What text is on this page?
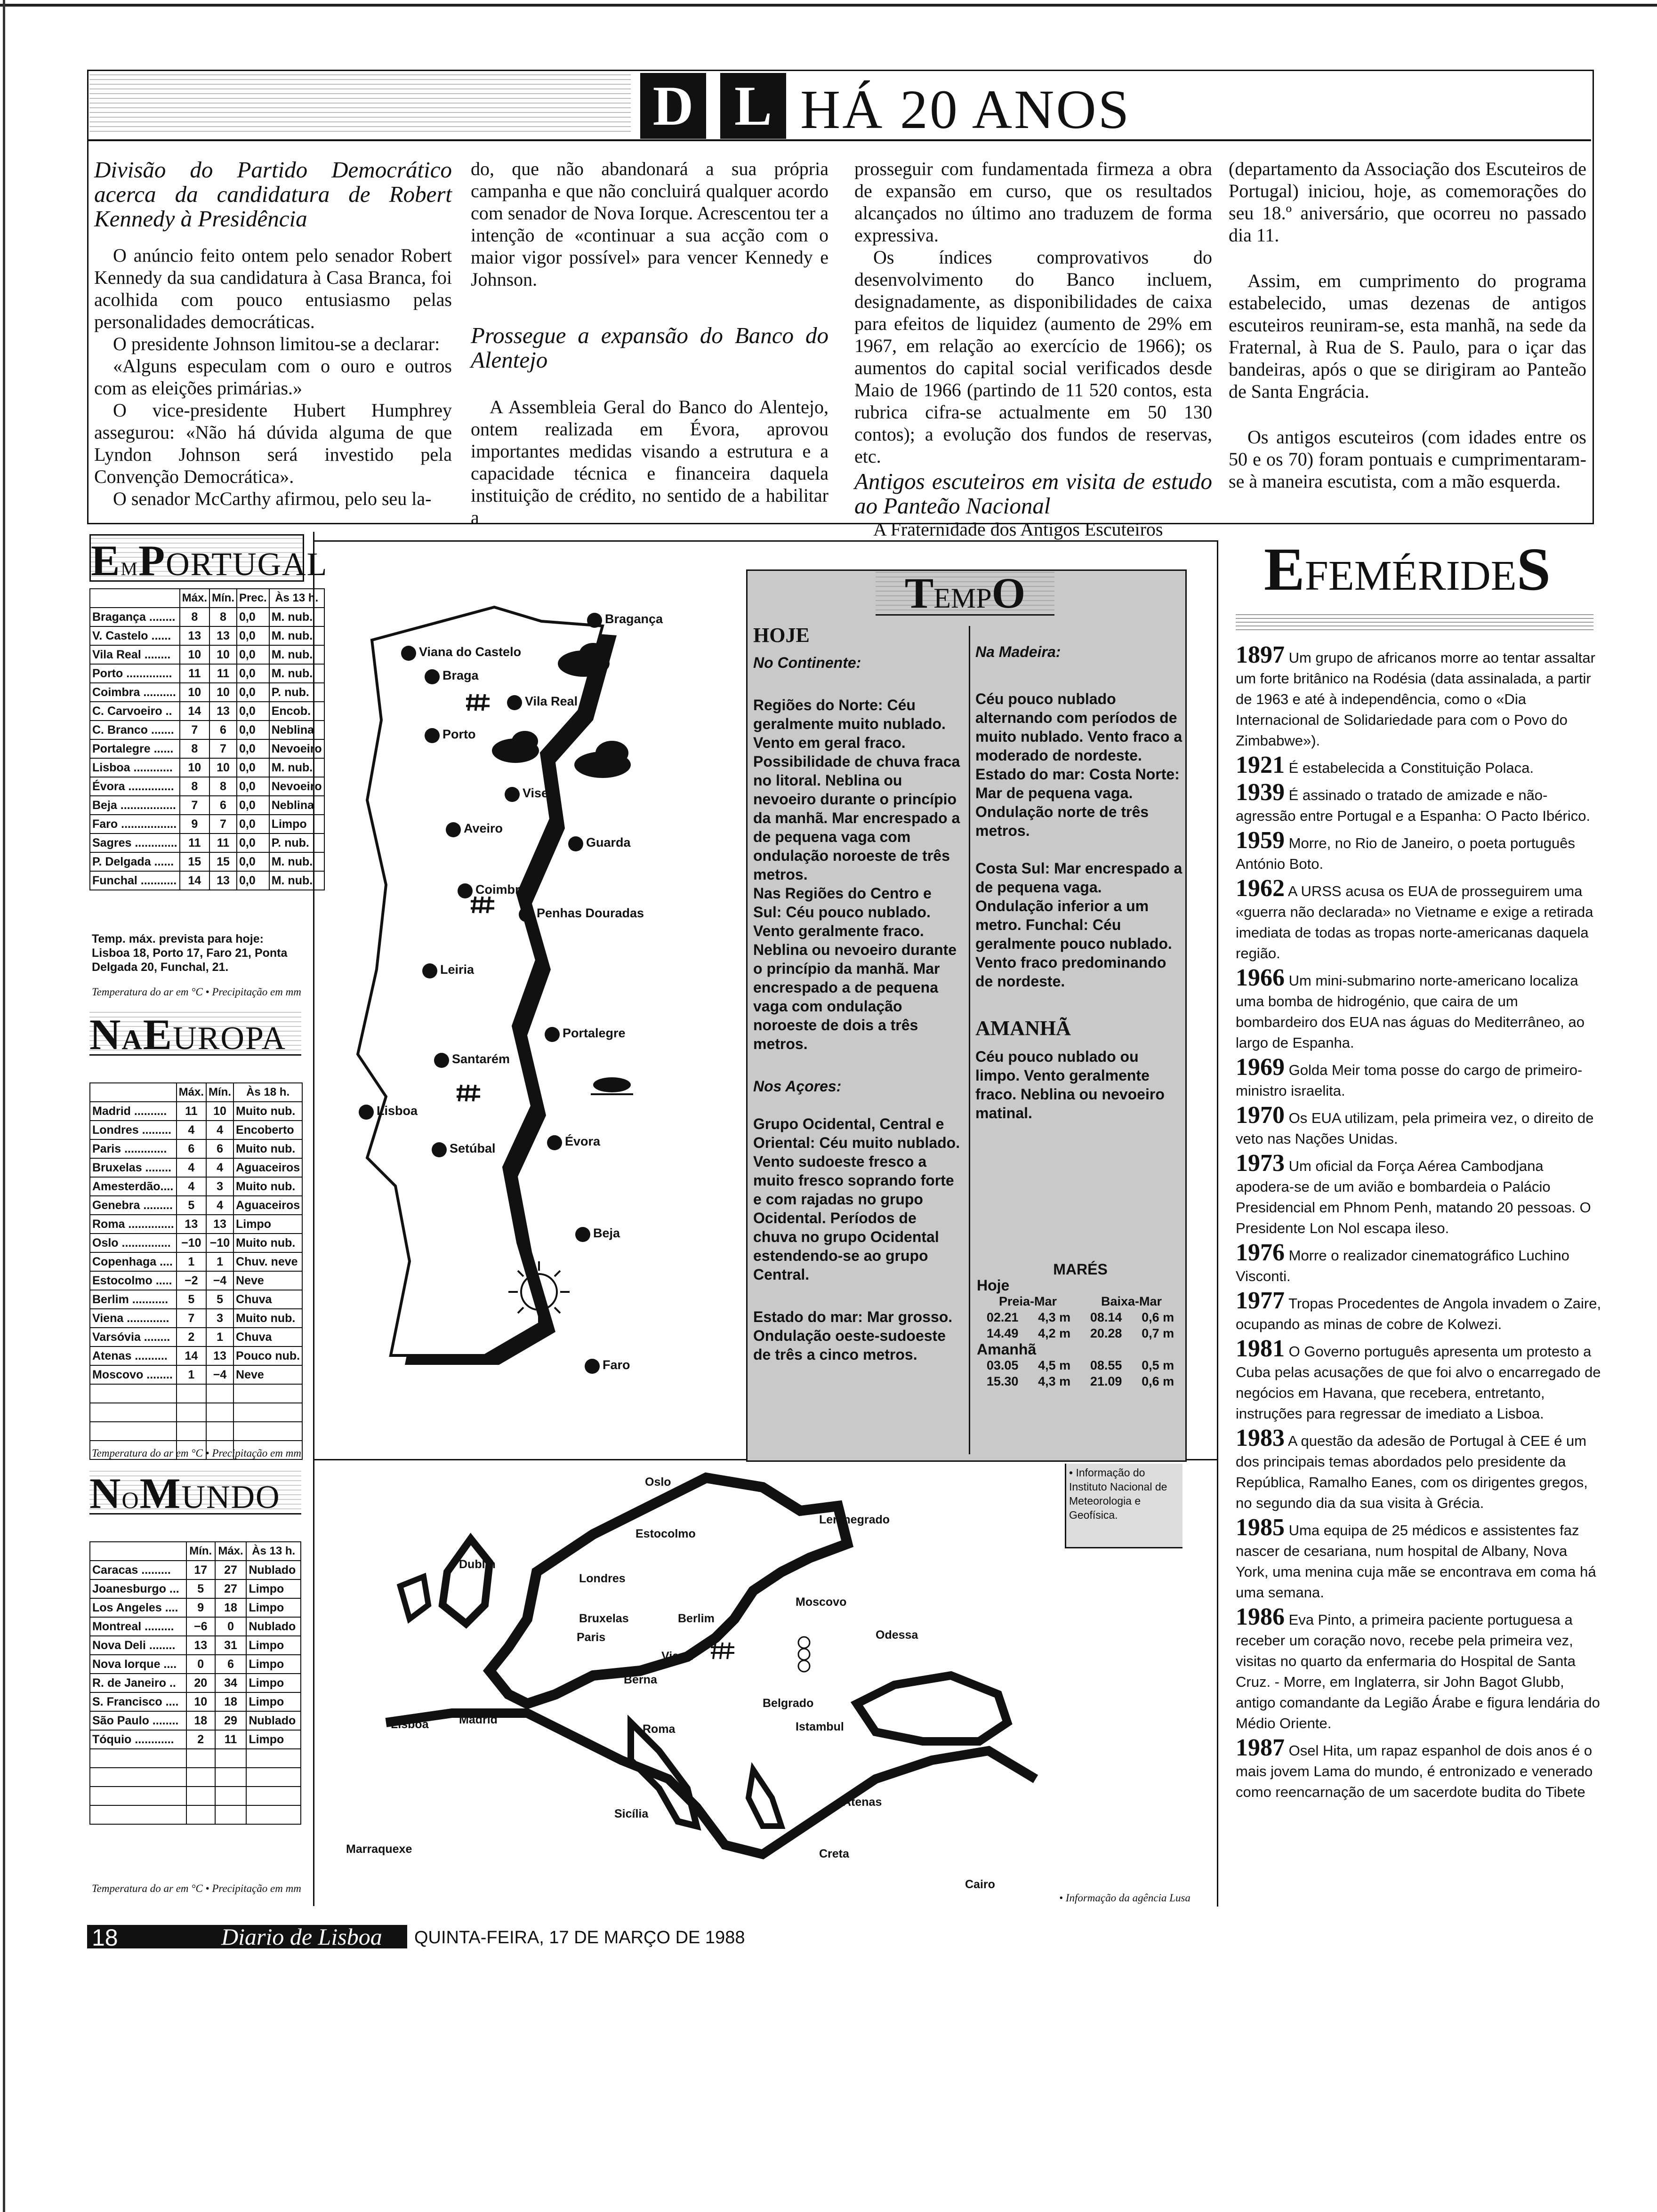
D L HÁ 20 ANOS
Divisão do Partido Democrático acerca da candidatura de Robert Kennedy à Presidência

O anúncio feito ontem pelo senador Robert Kennedy da sua candidatura à Casa Branca, foi acolhida com pouco entusiasmo pelas personalidades democráticas.

O presidente Johnson limitou-se a declarar:

«Alguns especulam com o ouro e outros com as eleições primárias.»

O vice-presidente Hubert Humphrey assegurou: «Não há dúvida alguma de que Lyndon Johnson será investido pela Convenção Democrática».

O senador McCarthy afirmou, pelo seu la-

do, que não abandonará a sua própria campanha e que não concluirá qualquer acordo com senador de Nova Iorque. Acrescentou ter a intenção de «continuar a sua acção com o maior vigor possível» para vencer Kennedy e Johnson.

Prossegue a expansão do Banco do Alentejo

A Assembleia Geral do Banco do Alentejo, ontem realizada em Évora, aprovou importantes medidas visando a estrutura e a capacidade técnica e financeira daquela instituição de crédito, no sentido de a habilitar a

prosseguir com fundamentada firmeza a obra de expansão em curso, que os resultados alcançados no último ano traduzem de forma expressiva.

Os índices comprovativos do desenvolvimento do Banco incluem, designadamente, as disponibilidades de caixa para efeitos de liquidez (aumento de 29% em 1967, em relação ao exercício de 1966); os aumentos do capital social verificados desde Maio de 1966 (partindo de 11 520 contos, esta rubrica cifra-se actualmente em 50 130 contos); a evolução dos fundos de reservas, etc.

Antigos escuteiros em visita de estudo ao Panteão Nacional

A Fraternidade dos Antigos Escuteiros

(departamento da Associação dos Escuteiros de Portugal) iniciou, hoje, as comemorações do seu 18.º aniversário, que ocorreu no passado dia 11.

Assim, em cumprimento do programa estabelecido, umas dezenas de antigos escuteiros reuniram-se, esta manhã, na sede da Fraternal, à Rua de S. Paulo, para o içar das bandeiras, após o que se dirigiram ao Panteão de Santa Engrácia.

Os antigos escuteiros (com idades entre os 50 e os 70) foram pontuais e cumprimentaram-se à maneira escutista, com a mão esquerda.

EMPORTUGAL
	Máx.	Mín.	Prec.	Às 13 h.
Bragança ........	8	8	0,0	M. nub.
V. Castelo ......	13	13	0,0	M. nub.
Vila Real ........	10	10	0,0	M. nub.
Porto ..............	11	11	0,0	M. nub.
Coimbra ..........	10	10	0,0	P. nub.
C. Carvoeiro ..	14	13	0,0	Encob.
C. Branco .......	7	6	0,0	Neblina
Portalegre ......	8	7	0,0	Nevoeiro
Lisboa ............	10	10	0,0	M. nub.
Évora ..............	8	8	0,0	Nevoeiro
Beja .................	7	6	0,0	Neblina
Faro .................	9	7	0,0	Limpo
Sagres .............	11	11	0,0	P. nub.
P. Delgada ......	15	15	0,0	M. nub.
Funchal ...........	14	13	0,0	M. nub.
Temp. máx. prevista para hoje: Lisboa 18, Porto 17, Faro 21, Ponta Delgada 20, Funchal, 21.
Temperatura do ar em °C • Precipitação em mm
NAEUROPA
	Máx.	Mín.	Às 18 h.
Madrid ..........	11	10	Muito nub.
Londres .........	4	4	Encoberto
Paris .............	6	6	Muito nub.
Bruxelas ........	4	4	Aguaceiros
Amesterdão....	4	3	Muito nub.
Genebra .........	5	4	Aguaceiros
Roma ..............	13	13	Limpo
Oslo ...............	−10	−10	Muito nub.
Copenhaga ....	1	1	Chuv. neve
Estocolmo .....	−2	−4	Neve
Berlim ...........	5	5	Chuva
Viena .............	7	3	Muito nub.
Varsóvia ........	2	1	Chuva
Atenas ..........	14	13	Pouco nub.
Moscovo ........	1	−4	Neve

Temperatura do ar em °C • Precipitação em mm
NOMUNDO
	Mín.	Máx.	Às 13 h.
Caracas .........	17	27	Nublado
Joanesburgo ...	5	27	Limpo
Los Angeles ....	9	18	Limpo
Montreal .........	−6	0	Nublado
Nova Deli ........	13	31	Limpo
Nova Iorque ....	0	6	Limpo
R. de Janeiro ..	20	34	Limpo
S. Francisco ....	10	18	Limpo
São Paulo ........	18	29	Nublado
Tóquio ............	2	11	Limpo

Temperatura do ar em °C • Precipitação em mm
Bragança
Viana do Castelo
Braga
Vila Real
Porto
Viseu
Aveiro
Guarda
Coimbra
Penhas Douradas
Leiria
Portalegre
Santarém
Lisboa
Setúbal	Évora
Beja
Faro
Oslo
Estocolmo
Leninegrado
Dublin
Londres
Moscovo
Bruxelas	Berlim
Paris	Odessa
Viena
Berna
Belgrado
Lisboa	Madrid
Roma	Istambul
Atenas
Sicília
Creta
Marraquexe
Cairo
• Informação da agência Lusa
TEMPO

HOJE

No Continente:

Regiões do Norte: Céu geralmente muito nublado. Vento em geral fraco. Possibilidade de chuva fraca no litoral. Neblina ou nevoeiro durante o princípio da manhã. Mar encrespado a de pequena vaga com ondulação noroeste de três metros.

Nas Regiões do Centro e Sul: Céu pouco nublado. Vento geralmente fraco. Neblina ou nevoeiro durante o princípio da manhã. Mar encrespado a de pequena vaga com ondulação noroeste de dois a três metros.

Nos Açores:

Grupo Ocidental, Central e Oriental: Céu muito nublado. Vento sudoeste fresco a muito fresco soprando forte e com rajadas no grupo Ocidental. Períodos de chuva no grupo Ocidental estendendo-se ao grupo Central.

Estado do mar: Mar grosso. Ondulação oeste-sudoeste de três a cinco metros.

Na Madeira:

Céu pouco nublado alternando com períodos de muito nublado. Vento fraco a moderado de nordeste. Estado do mar: Costa Norte: Mar de pequena vaga. Ondulação norte de três metros.

Costa Sul: Mar encrespado a de pequena vaga. Ondulação inferior a um metro. Funchal: Céu geralmente pouco nublado. Vento fraco predominando de nordeste.

AMANHÃ

Céu pouco nublado ou limpo. Vento geralmente fraco. Neblina ou nevoeiro matinal.

MARÉS

Hoje

Preia-Mar	Baixa-Mar
02.21 4,3 m 08.14 0,6 m
14.49 4,2 m 20.28 0,7 m

Amanhã

03.05 4,5 m 08.55 0,5 m
15.30 4,3 m 21.09 0,6 m
• Informação do Instituto Nacional de Meteorologia e Geofísica.
EFEMÉRIDES

1897 Um grupo de africanos morre ao tentar assaltar um forte britânico na Rodésia (data assinalada, a partir de 1963 e até à independência, como o «Dia Internacional de Solidariedade para com o Povo do Zimbabwe»).

1921 É estabelecida a Constituição Polaca.

1939 É assinado o tratado de amizade e não-agressão entre Portugal e a Espanha: O Pacto Ibérico.

1959 Morre, no Rio de Janeiro, o poeta português António Boto.

1962 A URSS acusa os EUA de prosseguirem uma «guerra não declarada» no Vietname e exige a retirada imediata de todas as tropas norte-americanas daquela região.

1966 Um mini-submarino norte-americano localiza uma bomba de hidrogénio, que caira de um bombardeiro dos EUA nas águas do Mediterrâneo, ao largo de Espanha.

1969 Golda Meir toma posse do cargo de primeiro-ministro israelita.

1970 Os EUA utilizam, pela primeira vez, o direito de veto nas Nações Unidas.

1973 Um oficial da Força Aérea Cambodjana apodera-se de um avião e bombardeia o Palácio Presidencial em Phnom Penh, matando 20 pessoas. O Presidente Lon Nol escapa ileso.

1976 Morre o realizador cinematográfico Luchino Visconti.

1977 Tropas Procedentes de Angola invadem o Zaire, ocupando as minas de cobre de Kolwezi.

1981 O Governo português apresenta um protesto a Cuba pelas acusações de que foi alvo o encarregado de negócios em Havana, que recebera, entretanto, instruções para regressar de imediato a Lisboa.

1983 A questão da adesão de Portugal à CEE é um dos principais temas abordados pelo presidente da República, Ramalho Eanes, com os dirigentes gregos, no segundo dia da sua visita à Grécia.

1985 Uma equipa de 25 médicos e assistentes faz nascer de cesariana, num hospital de Albany, Nova York, uma menina cuja mãe se encontrava em coma há uma semana.

1986 Eva Pinto, a primeira paciente portuguesa a receber um coração novo, recebe pela primeira vez, visitas no quarto da enfermaria do Hospital de Santa Cruz. - Morre, em Inglaterra, sir John Bagot Glubb, antigo comandante da Legião Árabe e figura lendária do Médio Oriente.

1987 Osel Hita, um rapaz espanhol de dois anos é o mais jovem Lama do mundo, é entronizado e venerado como reencarnação de um sacerdote budita do Tibete

18	Diario de Lisboa QUINTA-FEIRA, 17 DE MARÇO DE 1988
